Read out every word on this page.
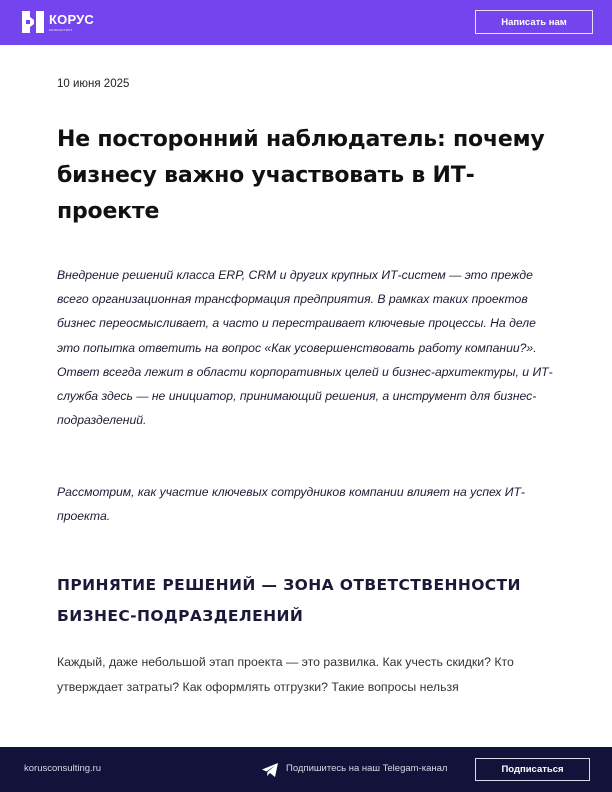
КОРУС
консалтинг
Написать нам
10 июня 2025
Не посторонний наблюдатель: почему бизнесу важно участвовать в ИТ-проекте

Внедрение решений класса ERP, CRM и других крупных ИТ-систем — это прежде всего организационная трансформация предприятия. В рамках таких проектов бизнес переосмысливает, а часто и перестраивает ключевые процессы. На деле это попытка ответить на вопрос «Как усовершенствовать работу компании?». Ответ всегда лежит в области корпоративных целей и бизнес-архитектуры, и ИТ-служба здесь — не инициатор, принимающий решения, а инструмент для бизнес-подразделений.

Рассмотрим, как участие ключевых сотрудников компании влияет на успех ИТ-проекта.

ПРИНЯТИЕ РЕШЕНИЙ — ЗОНА ОТВЕТСТВЕННОСТИ БИЗНЕС-ПОДРАЗДЕЛЕНИЙ

Каждый, даже небольшой этап проекта — это развилка. Как учесть скидки? Кто утверждает затраты? Как оформлять отгрузки? Такие вопросы нельзя

korusconsulting.ru	Подпишитесь на наш Telegam-канал	Подписаться
